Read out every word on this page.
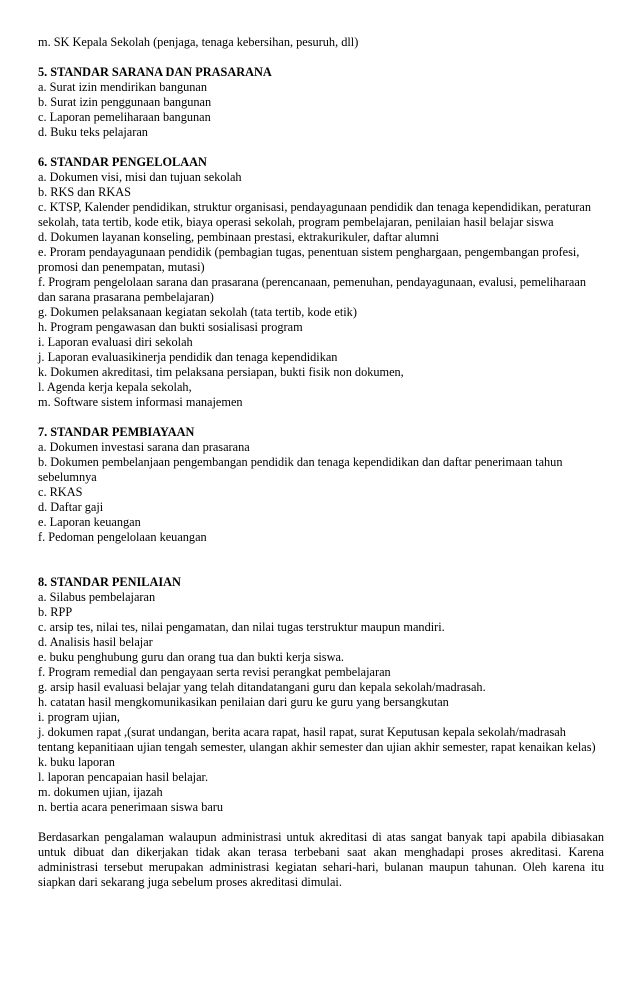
m. SK Kepala Sekolah (penjaga, tenaga kebersihan, pesuruh, dll)

5. STANDAR SARANA DAN PRASARANA

a. Surat izin mendirikan bangunan

b. Surat izin penggunaan bangunan

c. Laporan pemeliharaan bangunan

d. Buku teks pelajaran

6. STANDAR PENGELOLAAN

a. Dokumen visi, misi dan tujuan sekolah

b. RKS dan RKAS

c. KTSP, Kalender pendidikan, struktur organisasi, pendayagunaan pendidik dan tenaga kependidikan, peraturan sekolah, tata tertib, kode etik, biaya operasi sekolah, program pembelajaran, penilaian hasil belajar siswa

d. Dokumen layanan konseling, pembinaan prestasi, ektrakurikuler, daftar alumni

e. Proram pendayagunaan pendidik (pembagian tugas, penentuan sistem penghargaan, pengembangan profesi, promosi dan penempatan, mutasi)

f. Program pengelolaan sarana dan prasarana (perencanaan, pemenuhan, pendayagunaan, evalusi, pemeliharaan dan sarana prasarana pembelajaran)

g. Dokumen pelaksanaan kegiatan sekolah (tata tertib, kode etik)

h. Program pengawasan dan bukti sosialisasi program

i. Laporan evaluasi diri sekolah

j. Laporan evaluasikinerja pendidik dan tenaga kependidikan

k. Dokumen akreditasi, tim pelaksana persiapan, bukti fisik non dokumen,

l. Agenda kerja kepala sekolah,

m. Software sistem informasi manajemen

7. STANDAR PEMBIAYAAN

a. Dokumen investasi sarana dan prasarana

b. Dokumen pembelanjaan pengembangan pendidik dan tenaga kependidikan dan daftar penerimaan tahun sebelumnya

c. RKAS

d. Daftar gaji

e. Laporan keuangan

f. Pedoman pengelolaan keuangan

8. STANDAR PENILAIAN

a. Silabus pembelajaran

b. RPP

c. arsip tes, nilai tes, nilai pengamatan, dan nilai tugas terstruktur maupun mandiri.

d. Analisis hasil belajar

e. buku penghubung guru dan orang tua dan bukti kerja siswa.

f. Program remedial dan pengayaan serta revisi perangkat pembelajaran

g. arsip hasil evaluasi belajar yang telah ditandatangani guru dan kepala sekolah/madrasah.

h. catatan hasil mengkomunikasikan penilaian dari guru ke guru yang bersangkutan

i. program ujian,

j. dokumen rapat ,(surat undangan, berita acara rapat, hasil rapat, surat Keputusan kepala sekolah/madrasah tentang kepanitiaan ujian tengah semester, ulangan akhir semester dan ujian akhir semester, rapat kenaikan kelas)

k. buku laporan

l. laporan pencapaian hasil belajar.

m. dokumen ujian, ijazah

n. bertia acara penerimaan siswa baru

Berdasarkan pengalaman walaupun administrasi untuk akreditasi di atas sangat banyak tapi apabila dibiasakan untuk dibuat dan dikerjakan tidak akan terasa terbebani saat akan menghadapi proses akreditasi. Karena administrasi tersebut merupakan administrasi kegiatan sehari-hari, bulanan maupun tahunan. Oleh karena itu siapkan dari sekarang juga sebelum proses akreditasi dimulai.
